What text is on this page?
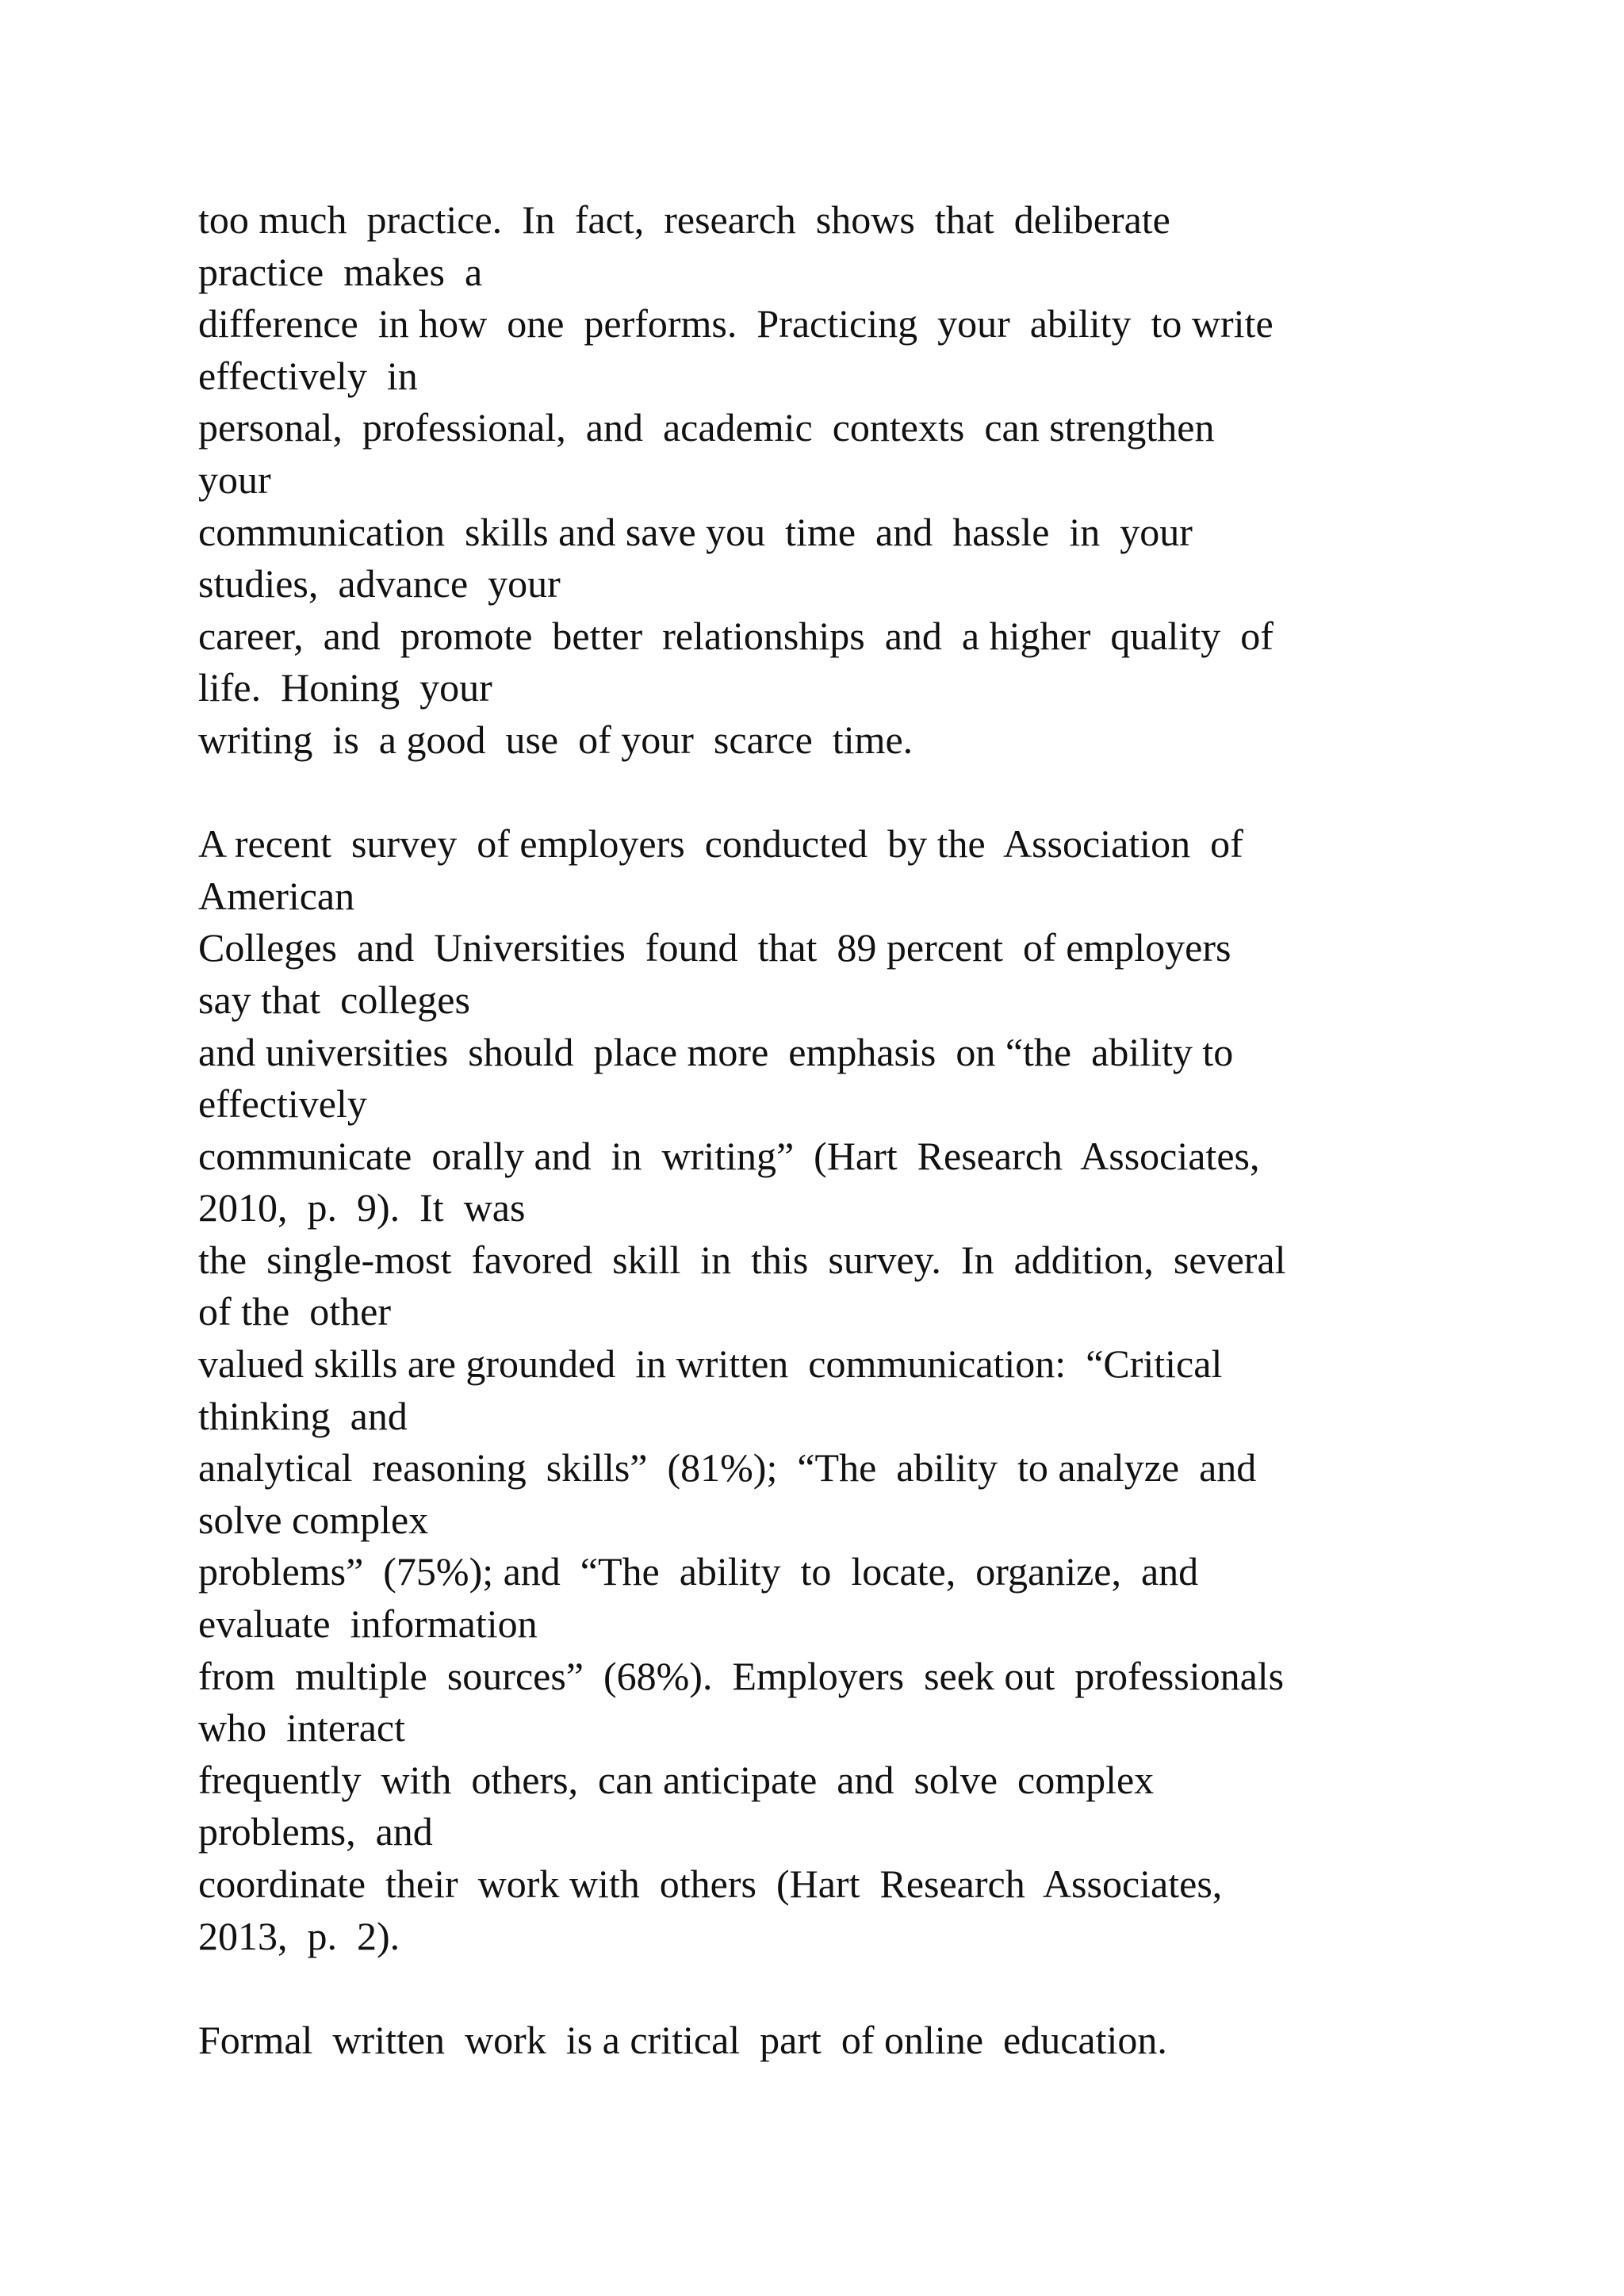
too much  practice.  In  fact,  research  shows  that  deliberate
practice  makes  a
difference  in how  one  performs.  Practicing  your  ability  to write
effectively  in
personal,  professional,  and  academic  contexts  can strengthen
your
communication  skills and save you  time  and  hassle  in  your
studies,  advance  your
career,  and  promote  better  relationships  and  a higher  quality  of
life.  Honing  your
writing  is  a good  use  of your  scarce  time.
A recent  survey  of employers  conducted  by the  Association  of
American
Colleges  and  Universities  found  that  89 percent  of employers
say that  colleges
and universities  should  place more  emphasis  on “the  ability to
effectively
communicate  orally and  in  writing”  (Hart  Research  Associates,
2010,  p.  9).  It  was
the  single-most  favored  skill  in  this  survey.  In  addition,  several
of the  other
valued skills are grounded  in written  communication:  “Critical
thinking  and
analytical  reasoning  skills”  (81%);  “The  ability  to analyze  and
solve complex
problems”  (75%); and  “The  ability  to  locate,  organize,  and
evaluate  information
from  multiple  sources”  (68%).  Employers  seek out  professionals
who  interact
frequently  with  others,  can anticipate  and  solve  complex
problems,  and
coordinate  their  work with  others  (Hart  Research  Associates,
2013,  p.  2).
Formal  written  work  is a critical  part  of online  education.
